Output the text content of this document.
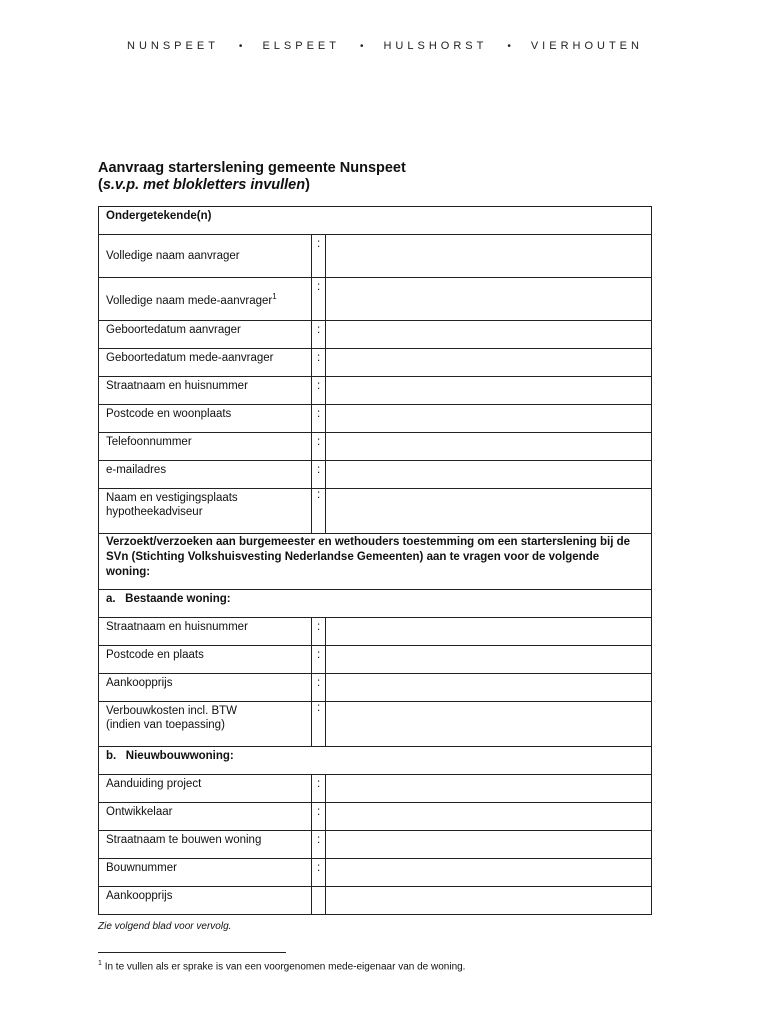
NUNSPEET • ELSPEET • HULSHORST • VIERHOUTEN
Aanvraag starterslening gemeente Nunspeet
(s.v.p. met blokletters invullen)
Ondergetekende(n)		
Volledige naam aanvrager	:	

Volledige naam mede-aanvrager$^1$	:	

Geboortedatum aanvrager	:	
Geboortedatum mede-aanvrager	:	
Straatnaam en huisnummer	:	
Postcode en woonplaats	:	
Telefoonnummer	:	
e-mailadres	:	

Naam en vestigingsplaats
hypotheekadviseur	:	
Verzoekt/verzoeken aan burgemeester en wethouders toestemming om een starterslening bij de SVn (Stichting Volkshuisvesting Nederlandse Gemeenten) aan te vragen voor de volgende woning:		
a.   Bestaande woning:		
Straatnaam en huisnummer	:	
Postcode en plaats	:	
Aankoopprijs	:	

Verbouwkosten incl. BTW
(indien van toepassing)	:	
b.   Nieuwbouwwoning:		
Aanduiding project	:	
Ontwikkelaar	:	
Straatnaam te bouwen woning	:	
Bouwnummer	:	
Aankoopprijs		
Zie volgend blad voor vervolg.
$^1$ In te vullen als er sprake is van een voorgenomen mede-eigenaar van de woning.
